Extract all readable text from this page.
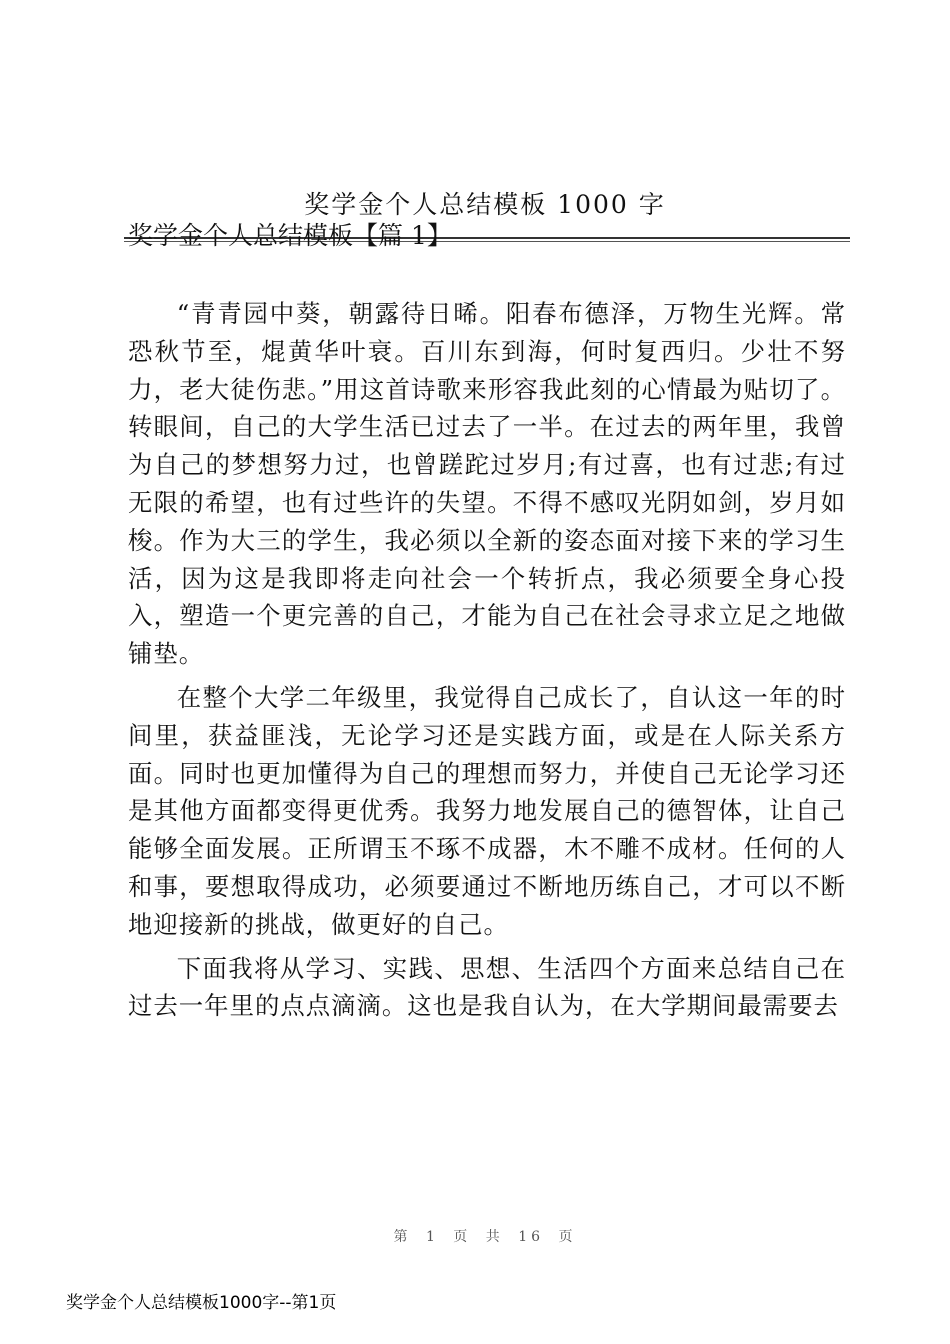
奖学金个人总结模板 1000 字
奖学金个人总结模板【篇 1】

“青青园中葵，朝露待日晞。阳春布德泽，万物生光辉。常恐秋节至，焜黄华叶衰。百川东到海，何时复西归。少壮不努力，老大徒伤悲。”用这首诗歌来形容我此刻的心情最为贴切了。转眼间，自己的大学生活已过去了一半。在过去的两年里，我曾为自己的梦想努力过，也曾蹉跎过岁月;有过喜，也有过悲;有过无限的希望，也有过些许的失望。不得不感叹光阴如剑，岁月如梭。作为大三的学生，我必须以全新的姿态面对接下来的学习生活，因为这是我即将走向社会一个转折点，我必须要全身心投入，塑造一个更完善的自己，才能为自己在社会寻求立足之地做铺垫。

在整个大学二年级里，我觉得自己成长了，自认这一年的时间里，获益匪浅，无论学习还是实践方面，或是在人际关系方面。同时也更加懂得为自己的理想而努力，并使自己无论学习还是其他方面都变得更优秀。我努力地发展自己的德智体，让自己能够全面发展。正所谓玉不琢不成器，木不雕不成材。任何的人和事，要想取得成功，必须要通过不断地历练自己，才可以不断地迎接新的挑战，做更好的自己。

下面我将从学习、实践、思想、生活四个方面来总结自己在过去一年里的点点滴滴。这也是我自认为，在大学期间最需要去

第 1 页 共 16 页
奖学金个人总结模板1000字--第1页
